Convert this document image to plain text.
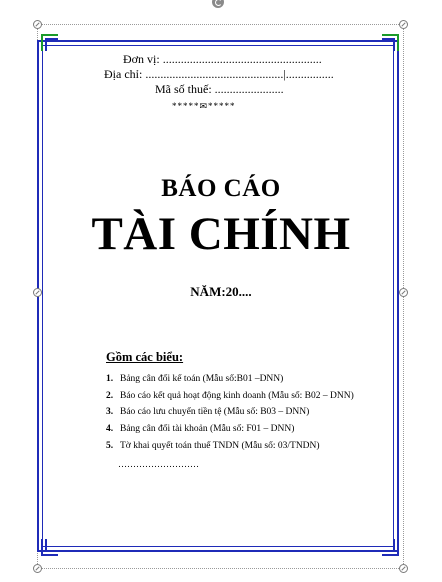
Đơn vị: .....................................................
Địa chỉ: ..............................................|................
Mã số thuế: .......................
*****✉*****
BÁO CÁO
TÀI CHÍNH
NĂM:20....
Gồm các biểu:
1. Bảng cân đối kế toán (Mẫu số:B01 –DNN)
2. Báo cáo kết quả hoạt động kinh doanh (Mẫu số: B02 – DNN)
3. Báo cáo lưu chuyển tiền tệ (Mẫu số: B03 – DNN)
4. Bảng cân đối tài khoản (Mẫu số: F01 – DNN)
5. Tờ khai quyết toán thuế TNDN (Mẫu số: 03/TNDN)
………………………
